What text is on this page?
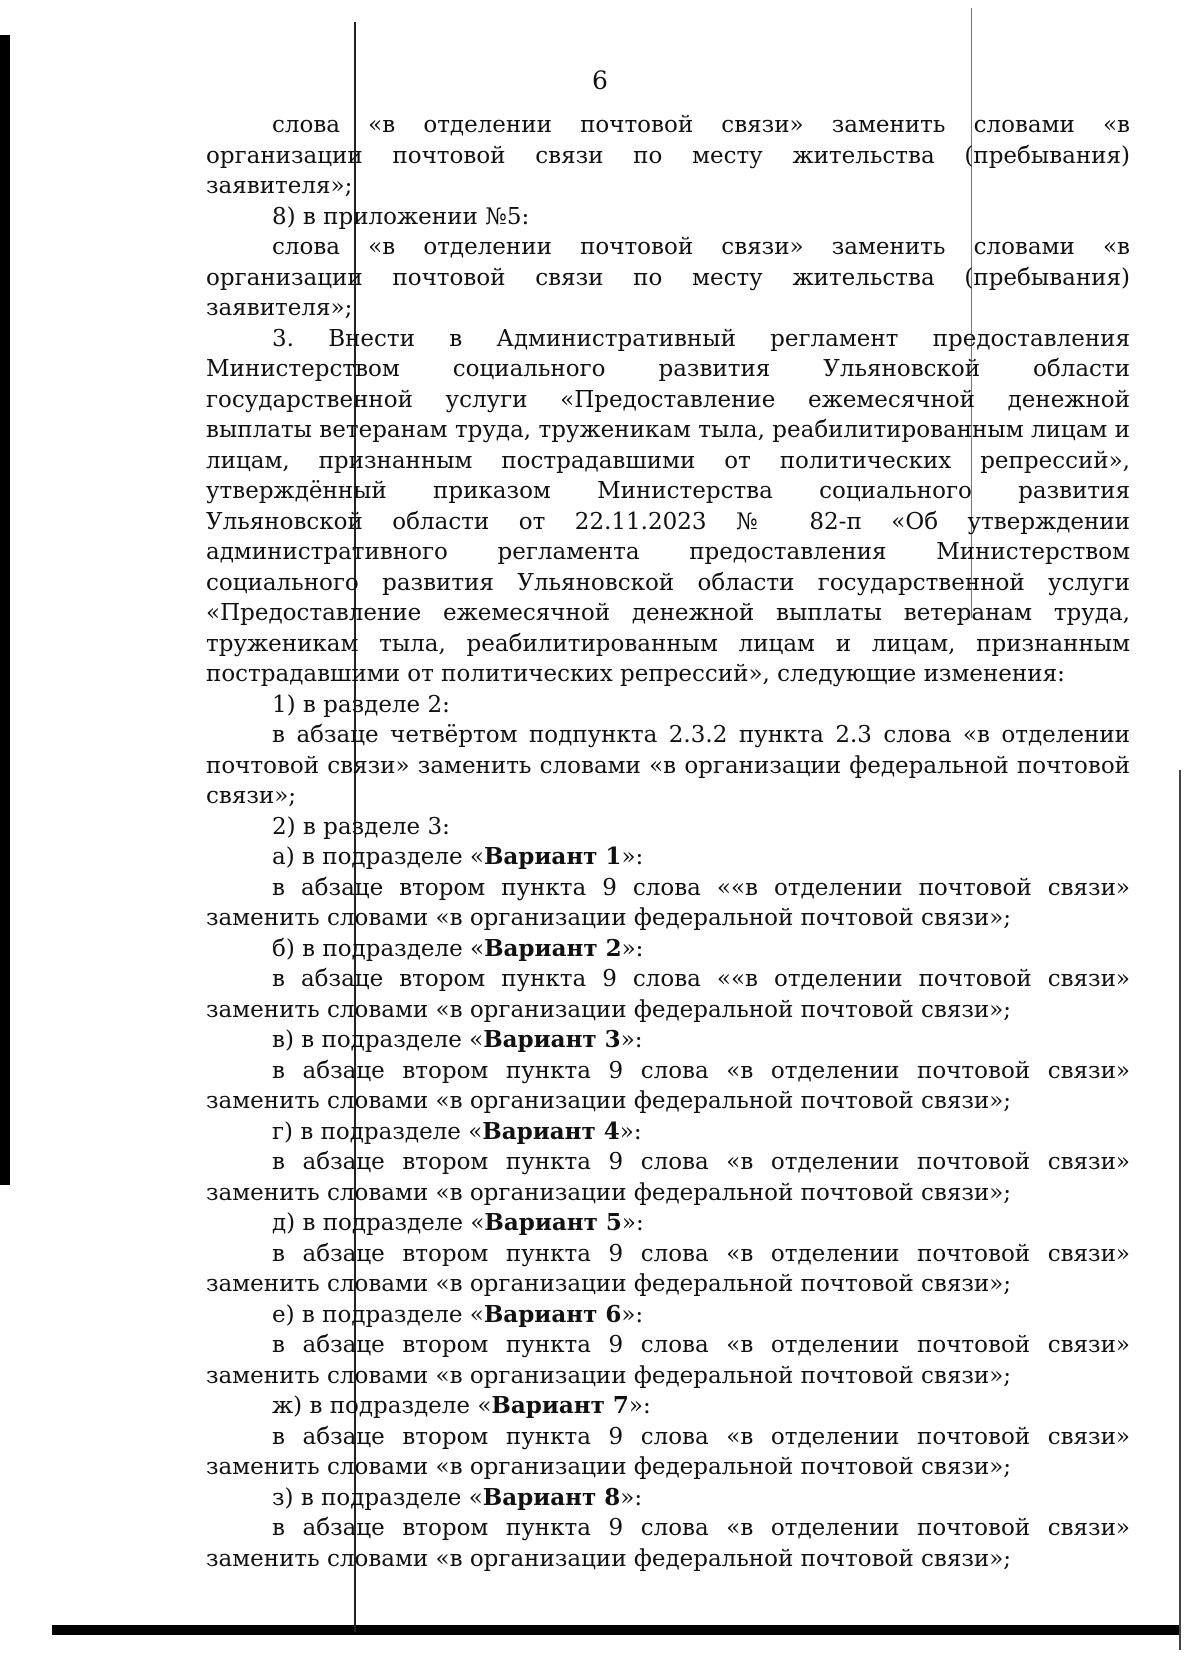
6

слова «в отделении почтовой связи» заменить словами «в организации почтовой связи по месту жительства (пребывания) заявителя»;

8) в приложении №5:

слова «в отделении почтовой связи» заменить словами «в организации почтовой связи по месту жительства (пребывания) заявителя»;

3. Внести в Административный регламент предоставления Министерством социального развития Ульяновской области государственной услуги «Предоставление ежемесячной денежной выплаты ветеранам труда, труженикам тыла, реабилитированным лицам и лицам, признанным пострадавшими от политических репрессий», утверждённый приказом Министерства социального развития Ульяновской области от 22.11.2023 № 82-п «Об утверждении административного регламента предоставления Министерством социального развития Ульяновской области государственной услуги «Предоставление ежемесячной денежной выплаты ветеранам труда, труженикам тыла, реабилитированным лицам и лицам, признанным пострадавшими от политических репрессий», следующие изменения:

1) в разделе 2:

в абзаце четвёртом подпункта 2.3.2 пункта 2.3 слова «в отделении почтовой связи» заменить словами «в организации федеральной почтовой связи»;

2) в разделе 3:

а) в подразделе «Вариант 1»:

в абзаце втором пункта 9 слова ««в отделении почтовой связи» заменить словами «в организации федеральной почтовой связи»;

б) в подразделе «Вариант 2»:

в абзаце втором пункта 9 слова ««в отделении почтовой связи» заменить словами «в организации федеральной почтовой связи»;

в) в подразделе «Вариант 3»:

в абзаце втором пункта 9 слова «в отделении почтовой связи» заменить словами «в организации федеральной почтовой связи»;

г) в подразделе «Вариант 4»:

в абзаце втором пункта 9 слова «в отделении почтовой связи» заменить словами «в организации федеральной почтовой связи»;

д) в подразделе «Вариант 5»:

в абзаце втором пункта 9 слова «в отделении почтовой связи» заменить словами «в организации федеральной почтовой связи»;

е) в подразделе «Вариант 6»:

в абзаце втором пункта 9 слова «в отделении почтовой связи» заменить словами «в организации федеральной почтовой связи»;

ж) в подразделе «Вариант 7»:

в абзаце втором пункта 9 слова «в отделении почтовой связи» заменить словами «в организации федеральной почтовой связи»;

з) в подразделе «Вариант 8»:

в абзаце втором пункта 9 слова «в отделении почтовой связи» заменить словами «в организации федеральной почтовой связи»;
